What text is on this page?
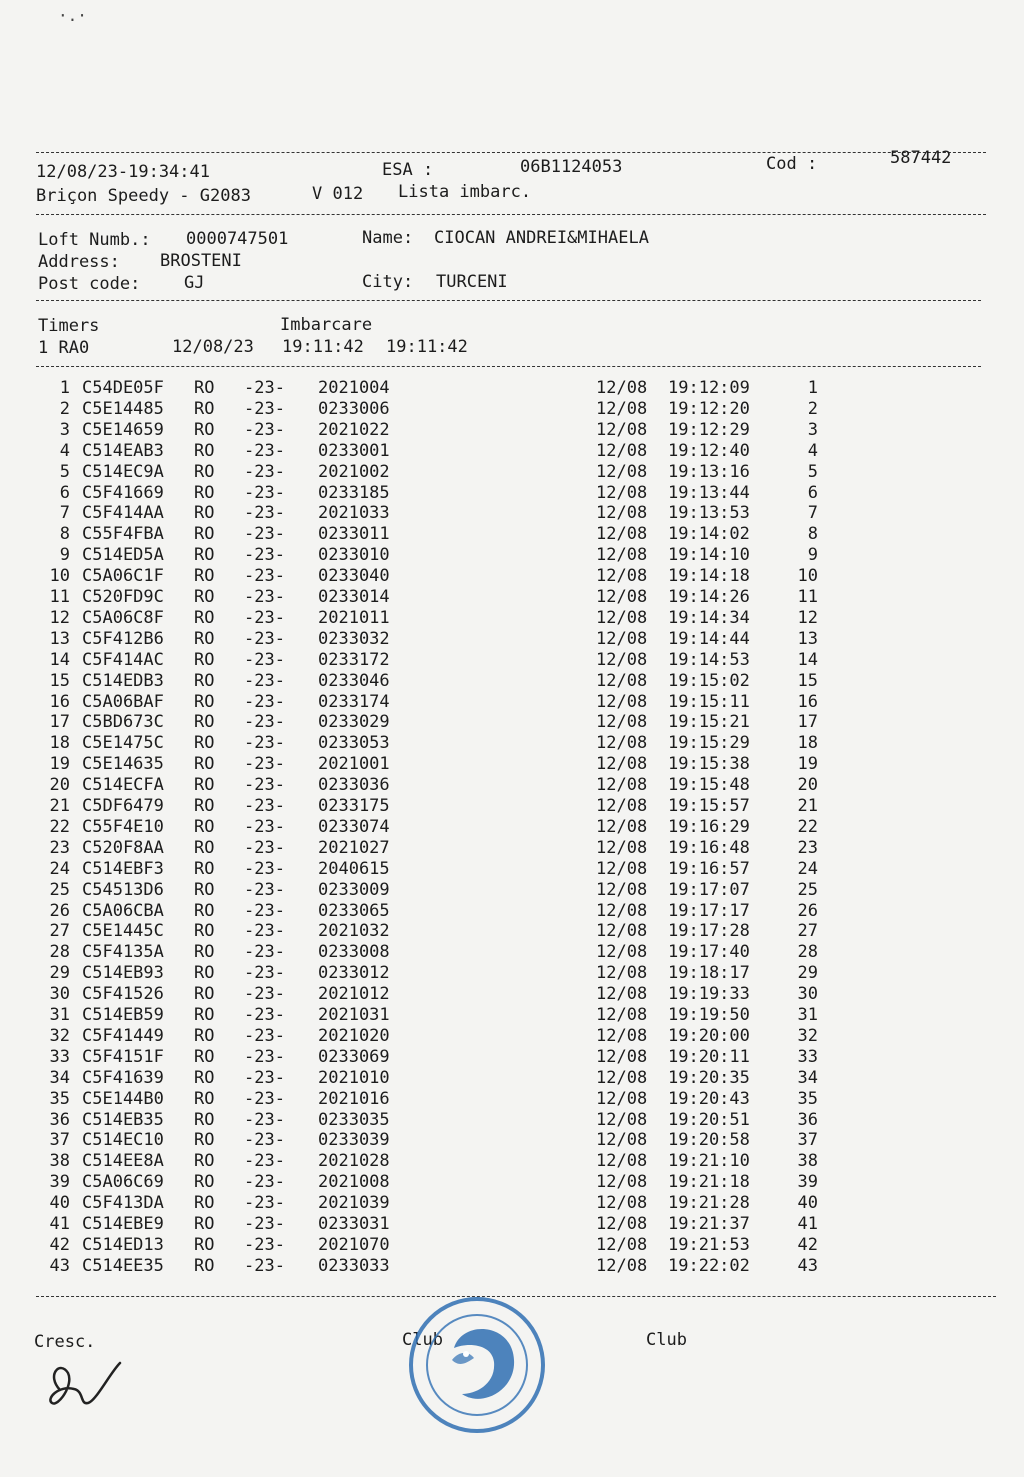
·.·
12/08/23-19:34:41	ESA :	06B1124053	Cod :	587442
Briçon Speedy - G2083	V 012 Lista imbarc.
Loft Numb.: 0000747501	Name: CIOCAN ANDREI&MIHAELA
Address: BROSTENI
Post code:	GJ	City: TURCENI
Timers	Imbarcare
1 RA0	12/08/23 19:11:42 19:11:42
1 C54DE05F RO -23- 2021004	12/08 19:12:09	1
2 C5E14485 RO -23- 0233006	12/08 19:12:20	2
3 C5E14659 RO -23- 2021022	12/08 19:12:29	3
4 C514EAB3 RO -23- 0233001	12/08 19:12:40	4
5 C514EC9A RO -23- 2021002	12/08 19:13:16	5
6 C5F41669 RO -23- 0233185	12/08 19:13:44	6
7 C5F414AA RO -23- 2021033	12/08 19:13:53	7
8 C55F4FBA RO -23- 0233011	12/08 19:14:02	8
9 C514ED5A RO -23- 0233010	12/08 19:14:10	9
10 C5A06C1F RO -23- 0233040	12/08 19:14:18	10
11 C520FD9C RO -23- 0233014	12/08 19:14:26	11
12 C5A06C8F RO -23- 2021011	12/08 19:14:34	12
13 C5F412B6 RO -23- 0233032	12/08 19:14:44	13
14 C5F414AC RO -23- 0233172	12/08 19:14:53	14
15 C514EDB3 RO -23- 0233046	12/08 19:15:02	15
16 C5A06BAF RO -23- 0233174	12/08 19:15:11	16
17 C5BD673C RO -23- 0233029	12/08 19:15:21	17
18 C5E1475C RO -23- 0233053	12/08 19:15:29	18
19 C5E14635 RO -23- 2021001	12/08 19:15:38	19
20 C514ECFA RO -23- 0233036	12/08 19:15:48	20
21 C5DF6479 RO -23- 0233175	12/08 19:15:57	21
22 C55F4E10 RO -23- 0233074	12/08 19:16:29	22
23 C520F8AA RO -23- 2021027	12/08 19:16:48	23
24 C514EBF3 RO -23- 2040615	12/08 19:16:57	24
25 C54513D6 RO -23- 0233009	12/08 19:17:07	25
26 C5A06CBA RO -23- 0233065	12/08 19:17:17	26
27 C5E1445C RO -23- 2021032	12/08 19:17:28	27
28 C5F4135A RO -23- 0233008	12/08 19:17:40	28
29 C514EB93 RO -23- 0233012	12/08 19:18:17	29
30 C5F41526 RO -23- 2021012	12/08 19:19:33	30
31 C514EB59 RO -23- 2021031	12/08 19:19:50	31
32 C5F41449 RO -23- 2021020	12/08 19:20:00	32
33 C5F4151F RO -23- 0233069	12/08 19:20:11	33
34 C5F41639 RO -23- 2021010	12/08 19:20:35	34
35 C5E144B0 RO -23- 2021016	12/08 19:20:43	35
36 C514EB35 RO -23- 0233035	12/08 19:20:51	36
37 C514EC10 RO -23- 0233039	12/08 19:20:58	37
38 C514EE8A RO -23- 2021028	12/08 19:21:10	38
39 C5A06C69 RO -23- 2021008	12/08 19:21:18	39
40 C5F413DA RO -23- 2021039	12/08 19:21:28	40
41 C514EBE9 RO -23- 0233031	12/08 19:21:37	41
42 C514ED13 RO -23- 2021070	12/08 19:21:53	42
43 C514EE35 RO -23- 0233033	12/08 19:22:02	43
Cresc.	Club	Club
